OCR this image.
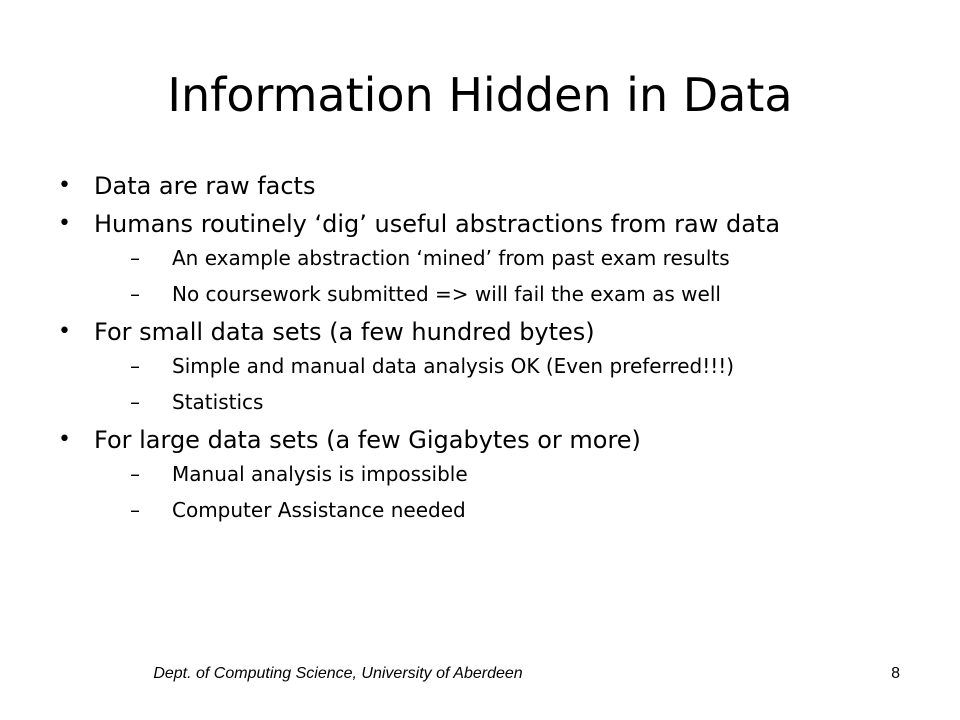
Information Hidden in Data
• Data are raw facts
• Humans routinely ‘dig’ useful abstractions from raw data
– An example abstraction ‘mined’ from past exam results
– No coursework submitted => will fail the exam as well
• For small data sets (a few hundred bytes)
– Simple and manual data analysis OK (Even preferred!!!)
– Statistics
• For large data sets (a few Gigabytes or more)
– Manual analysis is impossible
– Computer Assistance needed
Dept. of Computing Science, University of Aberdeen	8
